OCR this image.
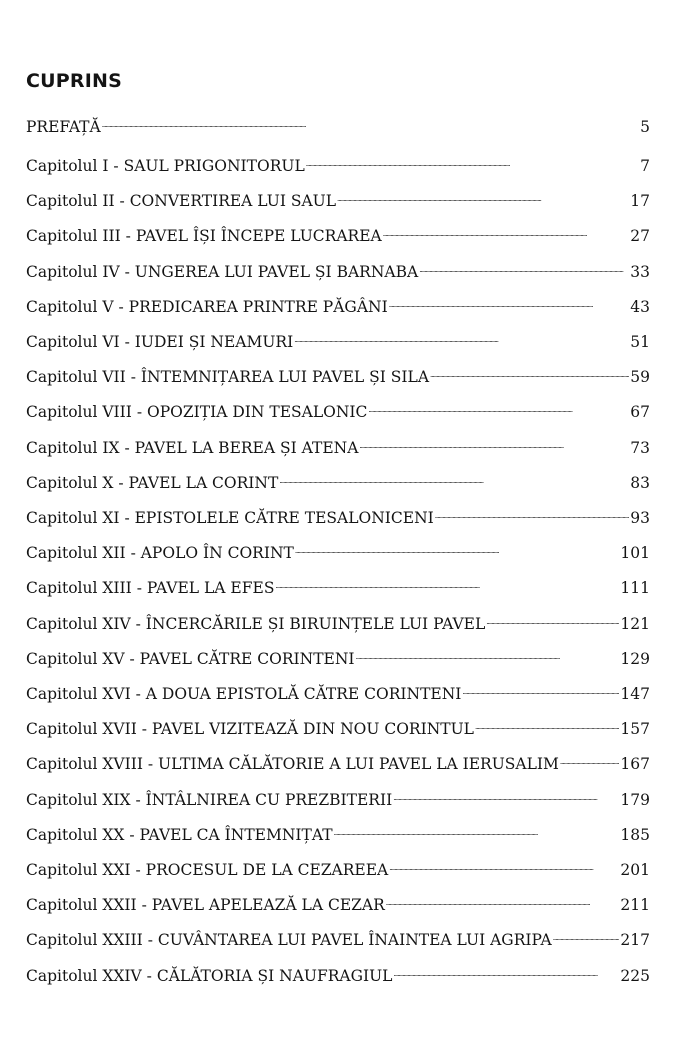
CUPRINS
PREFAȚĂ . . .	5
Capitolul I - SAUL PRIGONITORUL . . .	7
Capitolul II - CONVERTIREA LUI SAUL . . .	17
Capitolul III - PAVEL ÎȘI ÎNCEPE LUCRAREA . . .	27
Capitolul IV - UNGEREA LUI PAVEL ȘI BARNABA . . .	33
Capitolul V - PREDICAREA PRINTRE PĂGÂNI . . .	43
Capitolul VI - IUDEI ȘI NEAMURI . . .	51
Capitolul VII - ÎNTEMNIȚAREA LUI PAVEL ȘI SILA . . .	59
Capitolul VIII - OPOZIȚIA DIN TESALONIC . . .	67
Capitolul IX - PAVEL LA BEREA ȘI ATENA . . .	73
Capitolul X - PAVEL LA CORINT . . .	83
Capitolul XI - EPISTOLELE CĂTRE TESALONICENI . . .	93
Capitolul XII - APOLO ÎN CORINT . . .	101
Capitolul XIII - PAVEL LA EFES . . .	111
Capitolul XIV - ÎNCERCĂRILE ȘI BIRUINȚELE LUI PAVEL . . .	121
Capitolul XV - PAVEL CĂTRE CORINTENI . . .	129
Capitolul XVI - A DOUA EPISTOLĂ CĂTRE CORINTENI . . .	147
Capitolul XVII - PAVEL VIZITEAZĂ DIN NOU CORINTUL . . .	157
Capitolul XVIII - ULTIMA CĂLĂTORIE A LUI PAVEL LA IERUSALIM . . .	167
Capitolul XIX - ÎNTÂLNIREA CU PREZBITERII . . .	179
Capitolul XX - PAVEL CA ÎNTEMNIȚAT . . .	185
Capitolul XXI - PROCESUL DE LA CEZAREEA . . .	201
Capitolul XXII - PAVEL APELEAZĂ LA CEZAR . . .	211
Capitolul XXIII - CUVÂNTAREA LUI PAVEL ÎNAINTEA LUI AGRIPA . . .	217
Capitolul XXIV - CĂLĂTORIA ȘI NAUFRAGIUL . . .	225
